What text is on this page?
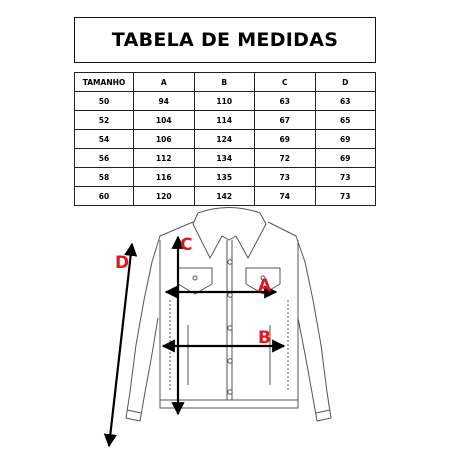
TABELA DE MEDIDAS
TAMANHO	A	B	C	D
50	94	110	63	63
52	104	114	67	65
54	106	124	69	69
56	112	134	72	69
58	116	135	73	73
60	120	142	74	73
D
C
A
B
